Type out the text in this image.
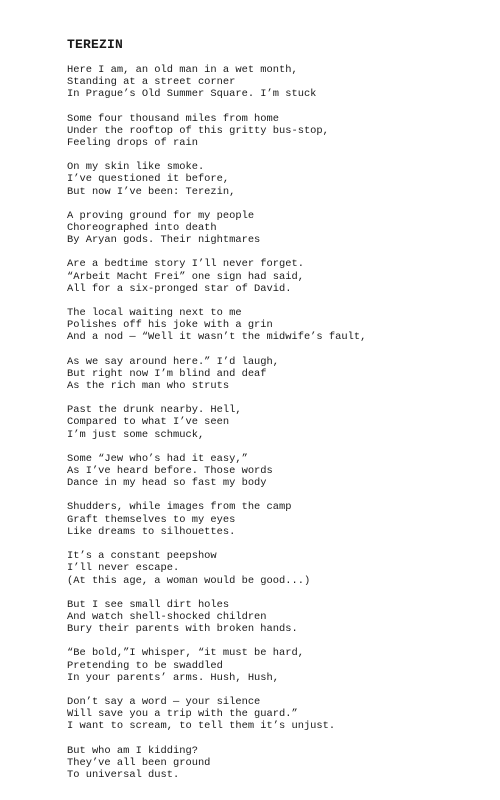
TEREZIN
Here I am, an old man in a wet month,
Standing at a street corner
In Prague’s Old Summer Square. I’m stuck
Some four thousand miles from home
Under the rooftop of this gritty bus-stop,
Feeling drops of rain
On my skin like smoke.
I’ve questioned it before,
But now I’ve been: Terezin,
A proving ground for my people
Choreographed into death
By Aryan gods. Their nightmares
Are a bedtime story I’ll never forget.
“Arbeit Macht Frei” one sign had said,
All for a six-pronged star of David.
The local waiting next to me
Polishes off his joke with a grin
And a nod — “Well it wasn’t the midwife’s fault,
As we say around here.” I’d laugh,
But right now I’m blind and deaf
As the rich man who struts
Past the drunk nearby. Hell,
Compared to what I’ve seen
I’m just some schmuck,
Some “Jew who’s had it easy,”
As I’ve heard before. Those words
Dance in my head so fast my body
Shudders, while images from the camp
Graft themselves to my eyes
Like dreams to silhouettes.
It’s a constant peepshow
I’ll never escape.
(At this age, a woman would be good...)
But I see small dirt holes
And watch shell-shocked children
Bury their parents with broken hands.
“Be bold,”I whisper, “it must be hard,
Pretending to be swaddled
In your parents’ arms. Hush, Hush,
Don’t say a word — your silence
Will save you a trip with the guard.”
I want to scream, to tell them it’s unjust.
But who am I kidding?
They’ve all been ground
To universal dust.
